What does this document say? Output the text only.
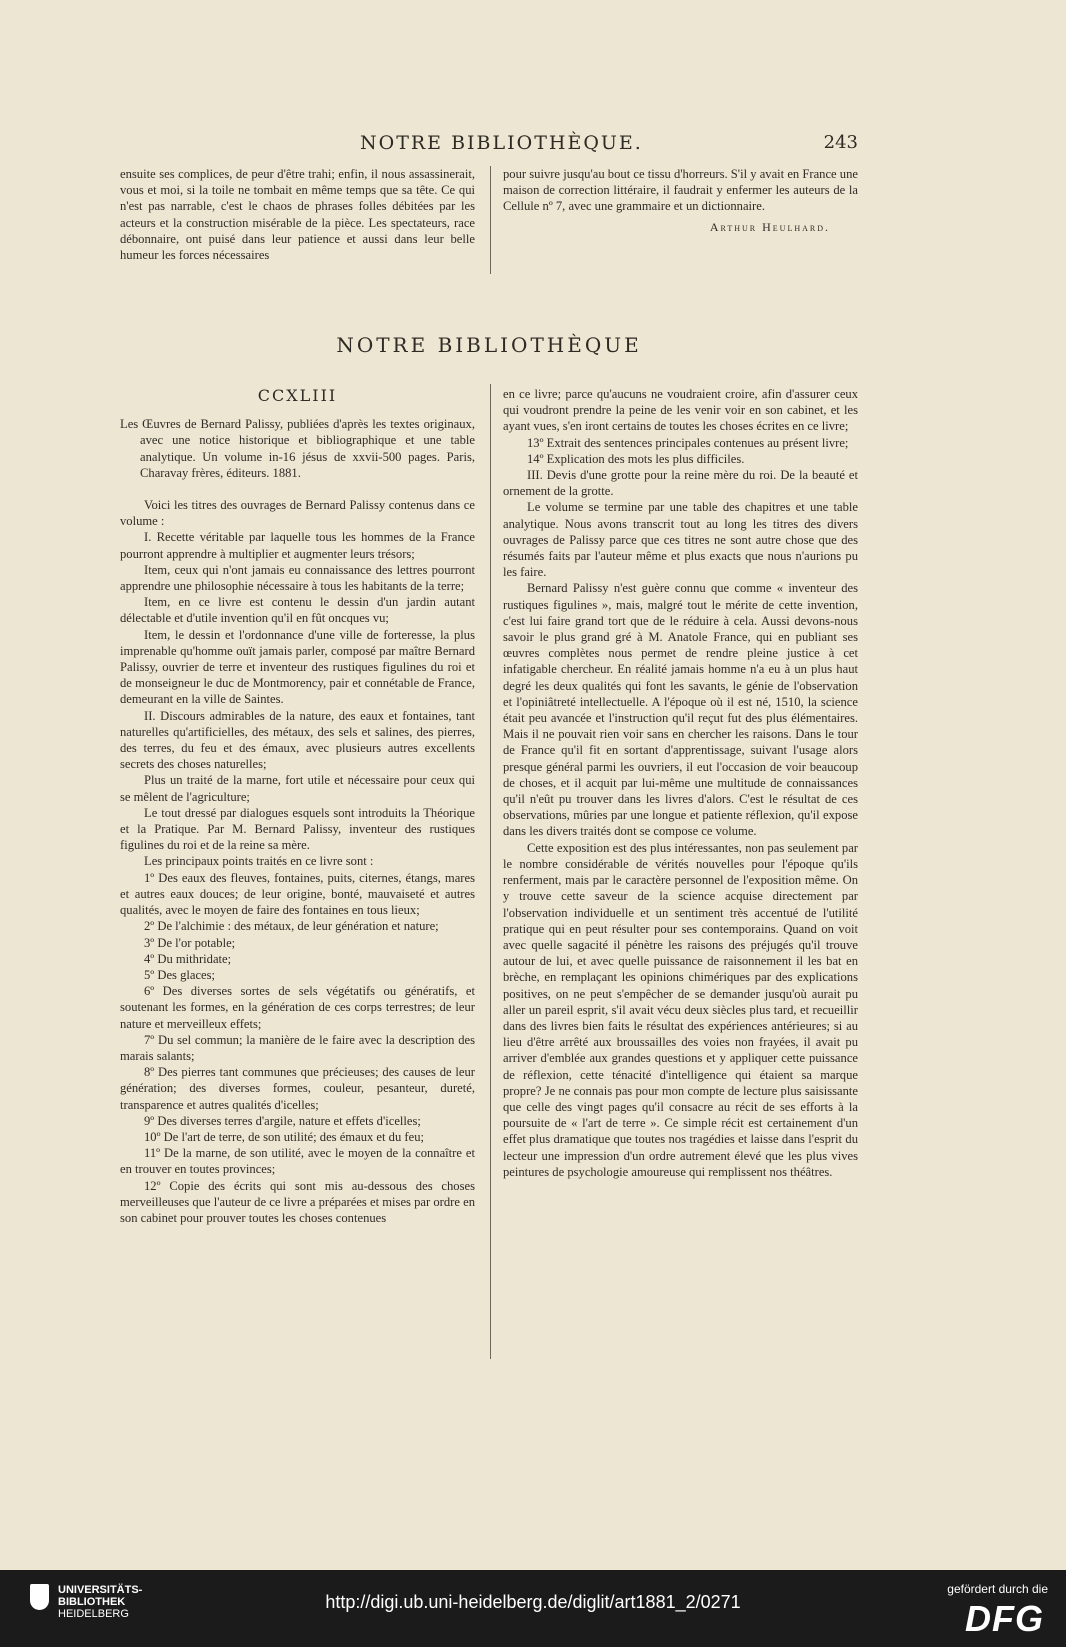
NOTRE BIBLIOTHÈQUE.	243

ensuite ses complices, de peur d'être trahi; enfin, il nous assassinerait, vous et moi, si la toile ne tombait en même temps que sa tête. Ce qui n'est pas narrable, c'est le chaos de phrases folles débitées par les acteurs et la construction misérable de la pièce. Les spectateurs, race débonnaire, ont puisé dans leur patience et aussi dans leur belle humeur les forces nécessaires

pour suivre jusqu'au bout ce tissu d'horreurs. S'il y avait en France une maison de correction littéraire, il faudrait y enfermer les auteurs de la Cellule nº 7, avec une grammaire et un dictionnaire.

Arthur Heulhard.

NOTRE BIBLIOTHÈQUE

CCXLIII

Les Œuvres de Bernard Palissy, publiées d'après les textes originaux, avec une notice historique et bibliographique et une table analytique. Un volume in-16 jésus de xxvii-500 pages. Paris, Charavay frères, éditeurs. 1881.

Voici les titres des ouvrages de Bernard Palissy contenus dans ce volume :

I. Recette véritable par laquelle tous les hommes de la France pourront apprendre à multiplier et augmenter leurs trésors;

Item, ceux qui n'ont jamais eu connaissance des lettres pourront apprendre une philosophie nécessaire à tous les habitants de la terre;

Item, en ce livre est contenu le dessin d'un jardin autant délectable et d'utile invention qu'il en fût oncques vu;

Item, le dessin et l'ordonnance d'une ville de forteresse, la plus imprenable qu'homme ouït jamais parler, composé par maître Bernard Palissy, ouvrier de terre et inventeur des rustiques figulines du roi et de monseigneur le duc de Montmorency, pair et connétable de France, demeurant en la ville de Saintes.

II. Discours admirables de la nature, des eaux et fontaines, tant naturelles qu'artificielles, des métaux, des sels et salines, des pierres, des terres, du feu et des émaux, avec plusieurs autres excellents secrets des choses naturelles;

Plus un traité de la marne, fort utile et nécessaire pour ceux qui se mêlent de l'agriculture;

Le tout dressé par dialogues esquels sont introduits la Théorique et la Pratique. Par M. Bernard Palissy, inventeur des rustiques figulines du roi et de la reine sa mère.

Les principaux points traités en ce livre sont :

1º Des eaux des fleuves, fontaines, puits, citernes, étangs, mares et autres eaux douces; de leur origine, bonté, mauvaiseté et autres qualités, avec le moyen de faire des fontaines en tous lieux;

2º De l'alchimie : des métaux, de leur génération et nature;

3º De l'or potable;

4º Du mithridate;

5º Des glaces;

6º Des diverses sortes de sels végétatifs ou génératifs, et soutenant les formes, en la génération de ces corps terrestres; de leur nature et merveilleux effets;

7º Du sel commun; la manière de le faire avec la description des marais salants;

8º Des pierres tant communes que précieuses; des causes de leur génération; des diverses formes, couleur, pesanteur, dureté, transparence et autres qualités d'icelles;

9º Des diverses terres d'argile, nature et effets d'icelles;

10º De l'art de terre, de son utilité; des émaux et du feu;

11º De la marne, de son utilité, avec le moyen de la connaître et en trouver en toutes provinces;

12º Copie des écrits qui sont mis au-dessous des choses merveilleuses que l'auteur de ce livre a préparées et mises par ordre en son cabinet pour prouver toutes les choses contenues

en ce livre; parce qu'aucuns ne voudraient croire, afin d'assurer ceux qui voudront prendre la peine de les venir voir en son cabinet, et les ayant vues, s'en iront certains de toutes les choses écrites en ce livre;

13º Extrait des sentences principales contenues au présent livre;

14º Explication des mots les plus difficiles.

III. Devis d'une grotte pour la reine mère du roi. De la beauté et ornement de la grotte.

Le volume se termine par une table des chapitres et une table analytique. Nous avons transcrit tout au long les titres des divers ouvrages de Palissy parce que ces titres ne sont autre chose que des résumés faits par l'auteur même et plus exacts que nous n'aurions pu les faire.

Bernard Palissy n'est guère connu que comme « inventeur des rustiques figulines », mais, malgré tout le mérite de cette invention, c'est lui faire grand tort que de le réduire à cela. Aussi devons-nous savoir le plus grand gré à M. Anatole France, qui en publiant ses œuvres complètes nous permet de rendre pleine justice à cet infatigable chercheur. En réalité jamais homme n'a eu à un plus haut degré les deux qualités qui font les savants, le génie de l'observation et l'opiniâtreté intellectuelle. A l'époque où il est né, 1510, la science était peu avancée et l'instruction qu'il reçut fut des plus élémentaires. Mais il ne pouvait rien voir sans en chercher les raisons. Dans le tour de France qu'il fit en sortant d'apprentissage, suivant l'usage alors presque général parmi les ouvriers, il eut l'occasion de voir beaucoup de choses, et il acquit par lui-même une multitude de connaissances qu'il n'eût pu trouver dans les livres d'alors. C'est le résultat de ces observations, mûries par une longue et patiente réflexion, qu'il expose dans les divers traités dont se compose ce volume.

Cette exposition est des plus intéressantes, non pas seulement par le nombre considérable de vérités nouvelles pour l'époque qu'ils renferment, mais par le caractère personnel de l'exposition même. On y trouve cette saveur de la science acquise directement par l'observation individuelle et un sentiment très accentué de l'utilité pratique qui en peut résulter pour ses contemporains. Quand on voit avec quelle sagacité il pénètre les raisons des préjugés qu'il trouve autour de lui, et avec quelle puissance de raisonnement il les bat en brèche, en remplaçant les opinions chimériques par des explications positives, on ne peut s'empêcher de se demander jusqu'où aurait pu aller un pareil esprit, s'il avait vécu deux siècles plus tard, et recueillir dans des livres bien faits le résultat des expériences antérieures; si au lieu d'être arrêté aux broussailles des voies non frayées, il avait pu arriver d'emblée aux grandes questions et y appliquer cette puissance de réflexion, cette ténacité d'intelligence qui étaient sa marque propre? Je ne connais pas pour mon compte de lecture plus saisissante que celle des vingt pages qu'il consacre au récit de ses efforts à la poursuite de « l'art de terre ». Ce simple récit est certainement d'un effet plus dramatique que toutes nos tragédies et laisse dans l'esprit du lecteur une impression d'un ordre autrement élevé que les plus vives peintures de psychologie amoureuse qui remplissent nos théâtres.

UNIVERSITÄTS-
BIBLIOTHEK
HEIDELBERG
http://digi.ub.uni-heidelberg.de/diglit/art1881_2/0271
gefördert durch die
DFG
